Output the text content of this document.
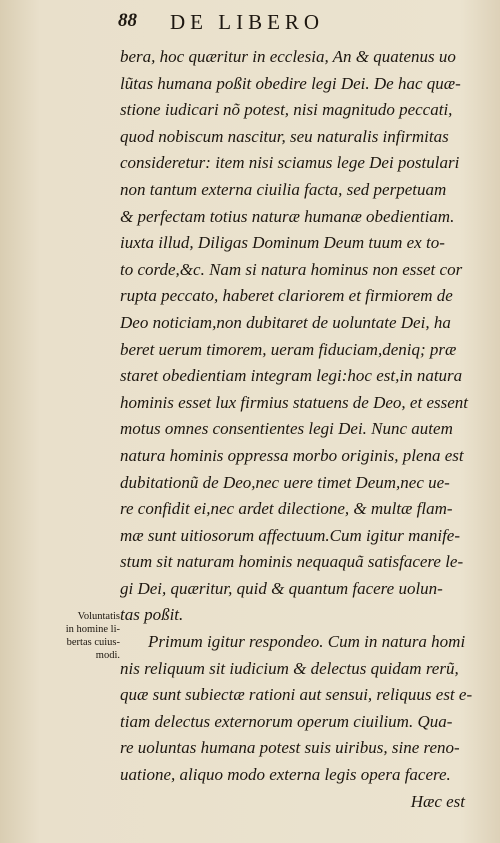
88 DE LIBERO
bera, hoc quæritur in ecclesia, An & quatenus uo
lũtas humana poßit obedire legi Dei. De hac quæ-
stione iudicari nõ potest, nisi magnitudo peccati,
quod nobiscum nascitur, seu naturalis infirmitas
consideretur: item nisi sciamus lege Dei postulari
non tantum externa ciuilia facta, sed perpetuam
& perfectam totius naturæ humanæ obedientiam.
iuxta illud, Diligas Dominum Deum tuum ex to-
to corde,&c. Nam si natura hominus non esset cor
rupta peccato, haberet clariorem et firmiorem de
Deo noticiam,non dubitaret de uoluntate Dei, ha
beret uerum timorem, ueram fiduciam,deniq; præ
staret obedientiam integram legi:hoc est,in natura
hominis esset lux firmius statuens de Deo, et essent
motus omnes consentientes legi Dei. Nunc autem
natura hominis oppressa morbo originis, plena est
dubitationũ de Deo,nec uere timet Deum,nec ue-
re confidit ei,nec ardet dilectione, & multæ flam-
mæ sunt uitiosorum affectuum.Cum igitur manife-
stum sit naturam hominis nequaquã satisfacere le-
gi Dei, quæritur, quid & quantum facere uolun-
tas poßit.
Primum igitur respondeo. Cum in natura homi
nis reliquum sit iudicium & delectus quidam rerũ,
quæ sunt subiectæ rationi aut sensui, reliquus est e-
tiam delectus externorum operum ciuilium. Qua-
re uoluntas humana potest suis uiribus, sine reno-
uatione, aliquo modo externa legis opera facere.
Hæc est
Voluntatis
in homine li-
bertas cuius-
modi.
